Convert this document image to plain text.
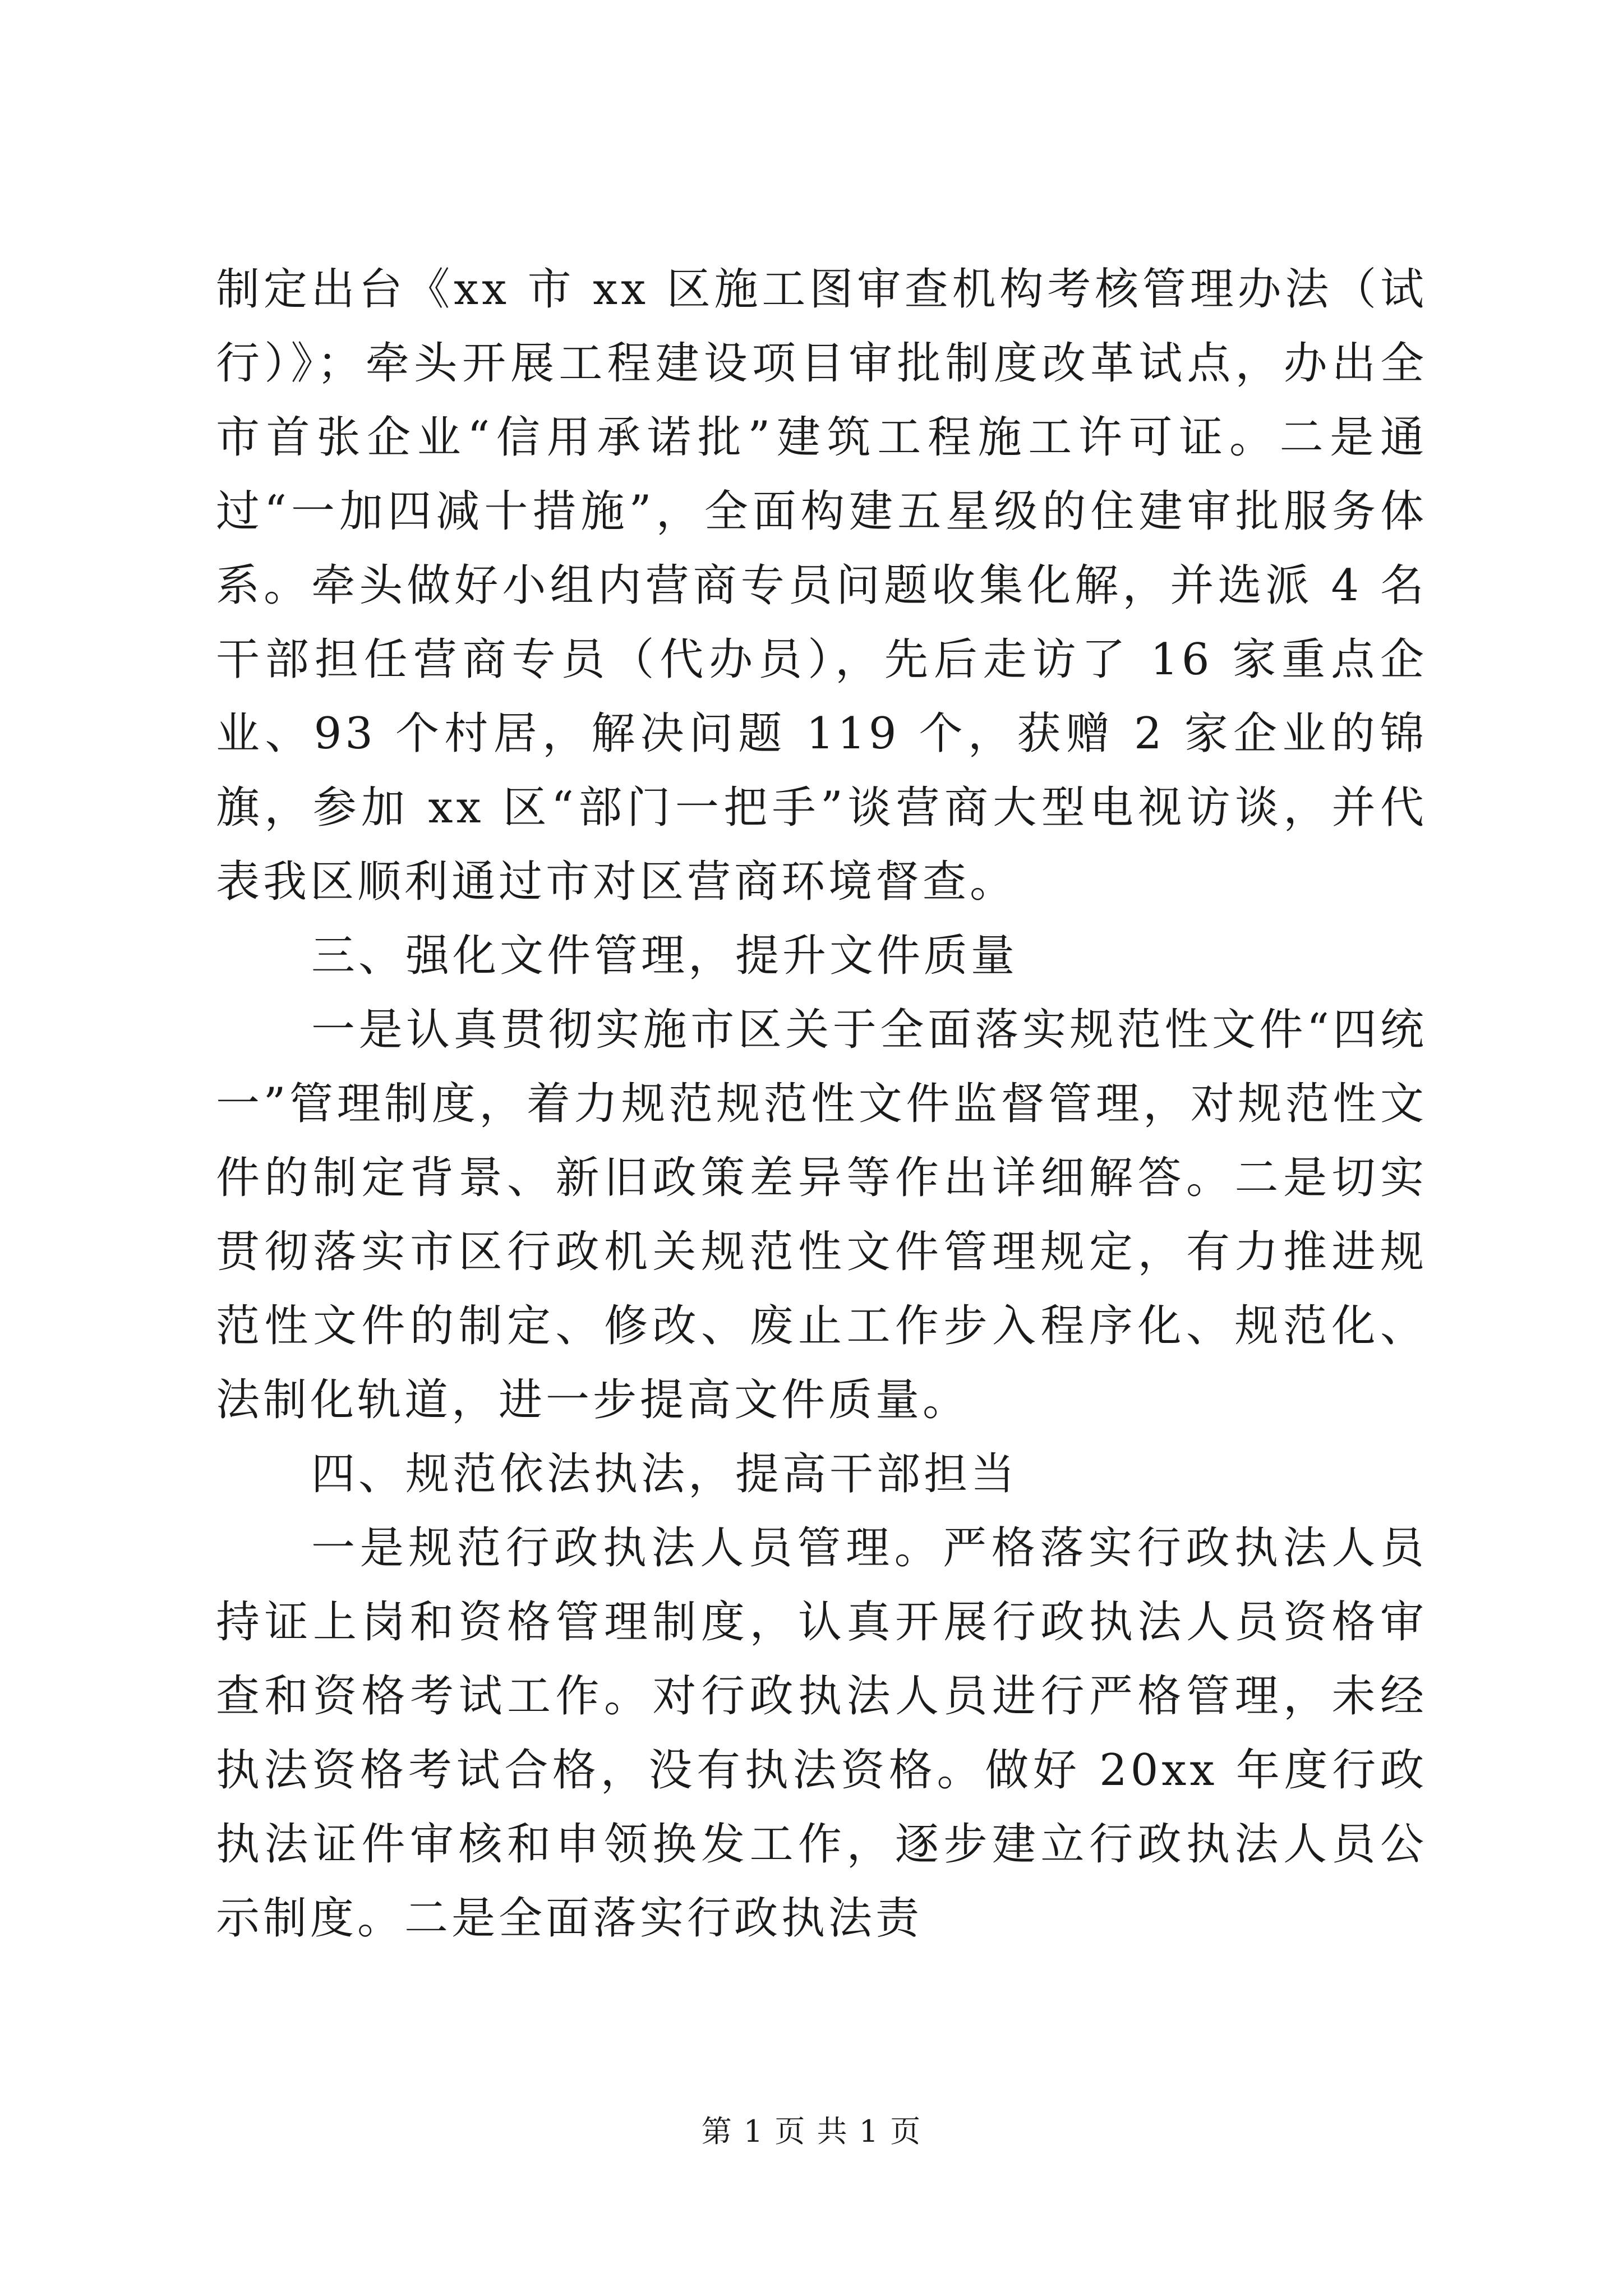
制定出台《xx 市 xx 区施工图审查机构考核管理办法（试行）》；牵头开展工程建设项目审批制度改革试点，办出全市首张企业“信用承诺批”建筑工程施工许可证。二是通过“一加四减十措施”，全面构建五星级的住建审批服务体系。牵头做好小组内营商专员问题收集化解，并选派 4 名干部担任营商专员（代办员），先后走访了 16 家重点企业、93 个村居，解决问题 119 个，获赠 2 家企业的锦旗，参加 xx 区“部门一把手”谈营商大型电视访谈，并代表我区顺利通过市对区营商环境督查。

三、强化文件管理，提升文件质量

一是认真贯彻实施市区关于全面落实规范性文件“四统一”管理制度，着力规范规范性文件监督管理，对规范性文件的制定背景、新旧政策差异等作出详细解答。二是切实贯彻落实市区行政机关规范性文件管理规定，有力推进规范性文件的制定、修改、废止工作步入程序化、规范化、法制化轨道，进一步提高文件质量。

四、规范依法执法，提高干部担当

一是规范行政执法人员管理。严格落实行政执法人员持证上岗和资格管理制度，认真开展行政执法人员资格审查和资格考试工作。对行政执法人员进行严格管理，未经执法资格考试合格，没有执法资格。做好 20xx 年度行政执法证件审核和申领换发工作，逐步建立行政执法人员公示制度。二是全面落实行政执法责

第 1 页 共 1 页
